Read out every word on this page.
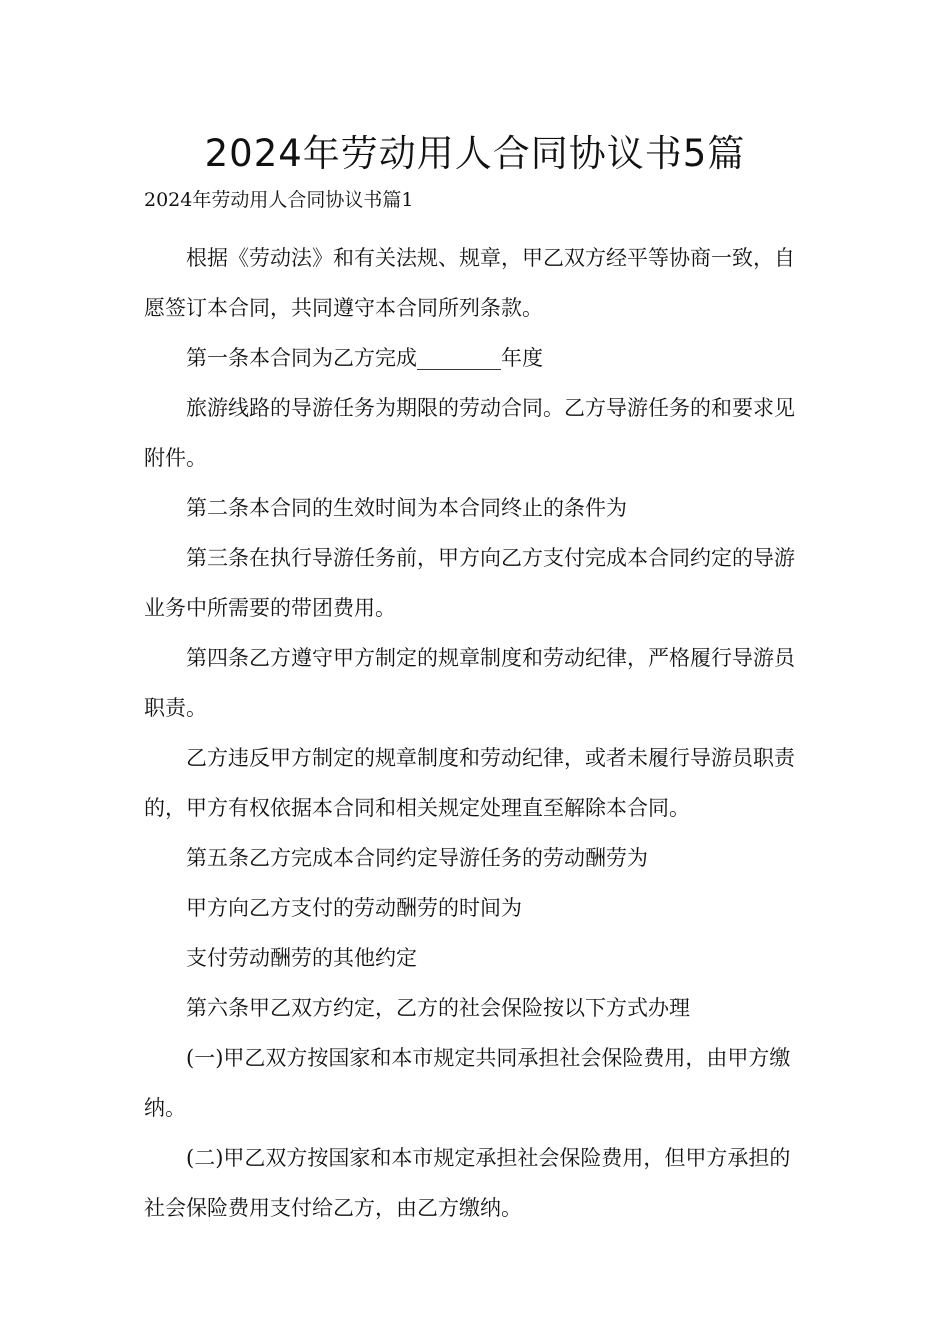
2024年劳动用人合同协议书5篇
2024年劳动用人合同协议书篇1

根据《劳动法》和有关法规、规章，甲乙双方经平等协商一致，自愿签订本合同，共同遵守本合同所列条款。

第一条本合同为乙方完成________年度

旅游线路的导游任务为期限的劳动合同。乙方导游任务的和要求见附件。

第二条本合同的生效时间为本合同终止的条件为

第三条在执行导游任务前，甲方向乙方支付完成本合同约定的导游业务中所需要的带团费用。

第四条乙方遵守甲方制定的规章制度和劳动纪律，严格履行导游员职责。

乙方违反甲方制定的规章制度和劳动纪律，或者未履行导游员职责的，甲方有权依据本合同和相关规定处理直至解除本合同。

第五条乙方完成本合同约定导游任务的劳动酬劳为

甲方向乙方支付的劳动酬劳的时间为

支付劳动酬劳的其他约定

第六条甲乙双方约定，乙方的社会保险按以下方式办理

(一)甲乙双方按国家和本市规定共同承担社会保险费用，由甲方缴纳。

(二)甲乙双方按国家和本市规定承担社会保险费用，但甲方承担的社会保险费用支付给乙方，由乙方缴纳。
